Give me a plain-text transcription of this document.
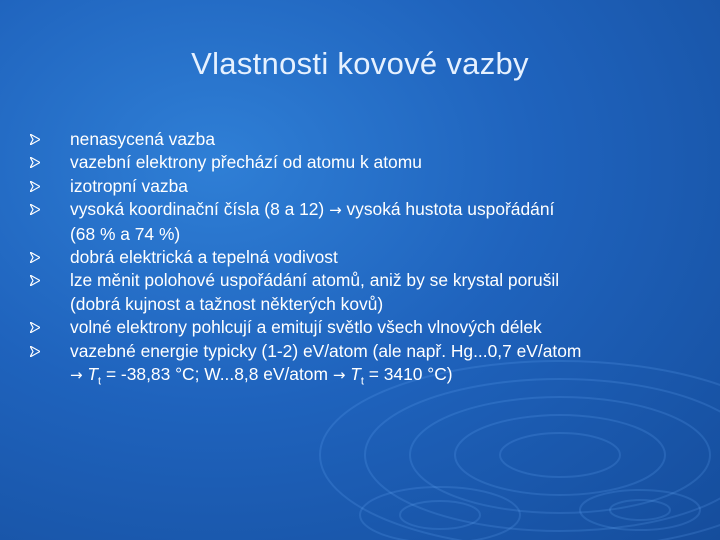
Vlastnosti kovové vazby
nenasycená vazba
vazební elektrony přechází od atomu k atomu
izotropní vazba
vysoká koordinační čísla (8 a 12) → vysoká hustota uspořádání
(68 % a 74 %)
dobrá elektrická a tepelná vodivost
lze měnit polohové uspořádání atomů, aniž by se krystal porušil
(dobrá kujnost a tažnost některých kovů)
volné elektrony pohlcují a emitují světlo všech vlnových délek
vazebné energie typicky (1-2) eV/atom (ale např. Hg...0,7 eV/atom
→ $T_t = -38,83$ °C; W...8,8 eV/atom → $T_t = 3410$ °C)
